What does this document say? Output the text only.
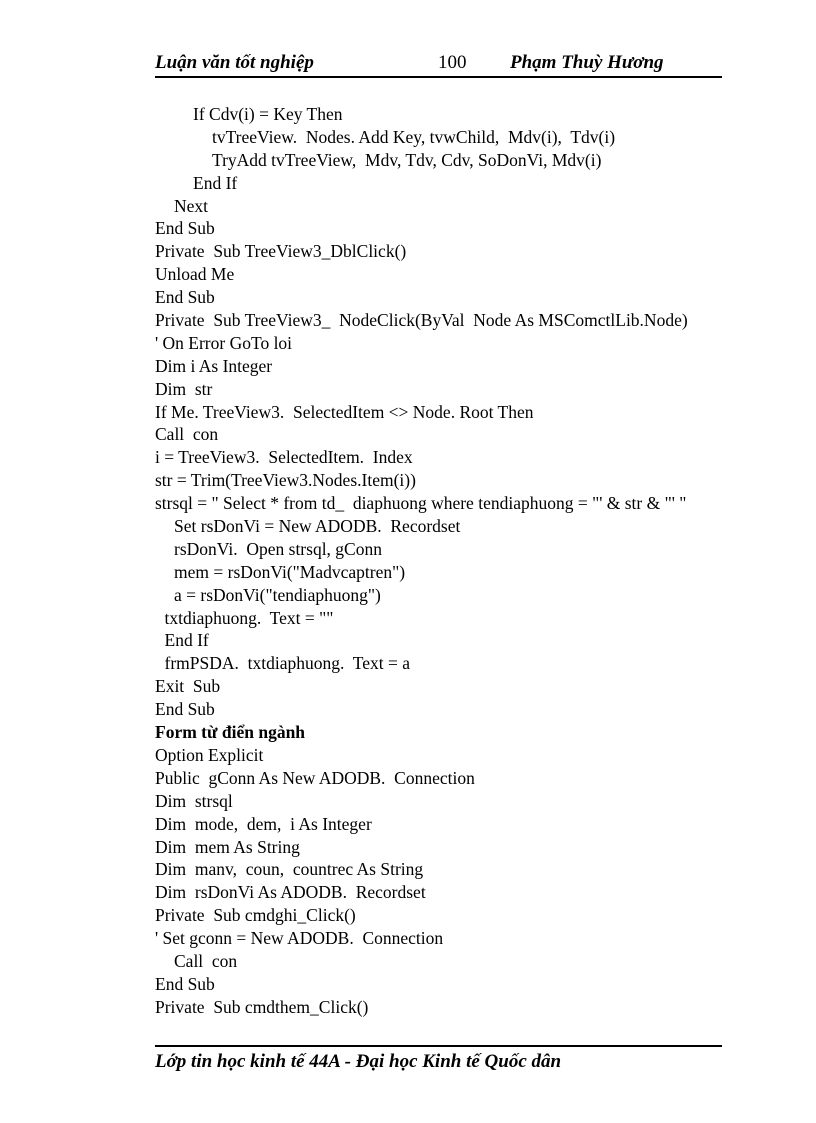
Luận văn tốt nghiệp	100 Phạm Thuỳ Hương
If Cdv(i) = Key Then
tvTreeView.  Nodes. Add Key, tvwChild,  Mdv(i),  Tdv(i)
TryAdd tvTreeView,  Mdv, Tdv, Cdv, SoDonVi, Mdv(i)
End If
Next
End Sub
Private  Sub TreeView3_DblClick()
Unload Me
End Sub
Private  Sub TreeView3_  NodeClick(ByVal  Node As MSComctlLib.Node)
' On Error GoTo loi
Dim i As Integer
Dim  str
If Me. TreeView3.  SelectedItem <> Node. Root Then
Call  con
i = TreeView3.  SelectedItem.  Index
str = Trim(TreeView3.Nodes.Item(i))
strsql = " Select * from td_  diaphuong where tendiaphuong = "' & str & "' "
Set rsDonVi = New ADODB.  Recordset
rsDonVi.  Open strsql, gConn
mem = rsDonVi("Madvcaptren")
a = rsDonVi("tendiaphuong")
txtdiaphuong.  Text = ""
End If
frmPSDA.  txtdiaphuong.  Text = a
Exit  Sub
End Sub
Form từ điển ngành
Option Explicit
Public  gConn As New ADODB.  Connection
Dim  strsql
Dim  mode,  dem,  i As Integer
Dim  mem As String
Dim  manv,  coun,  countrec As String
Dim  rsDonVi As ADODB.  Recordset
Private  Sub cmdghi_Click()
' Set gconn = New ADODB.  Connection
Call  con
End Sub
Private  Sub cmdthem_Click()
Lớp tin học kinh tế 44A - Đại học Kinh tế Quốc dân
